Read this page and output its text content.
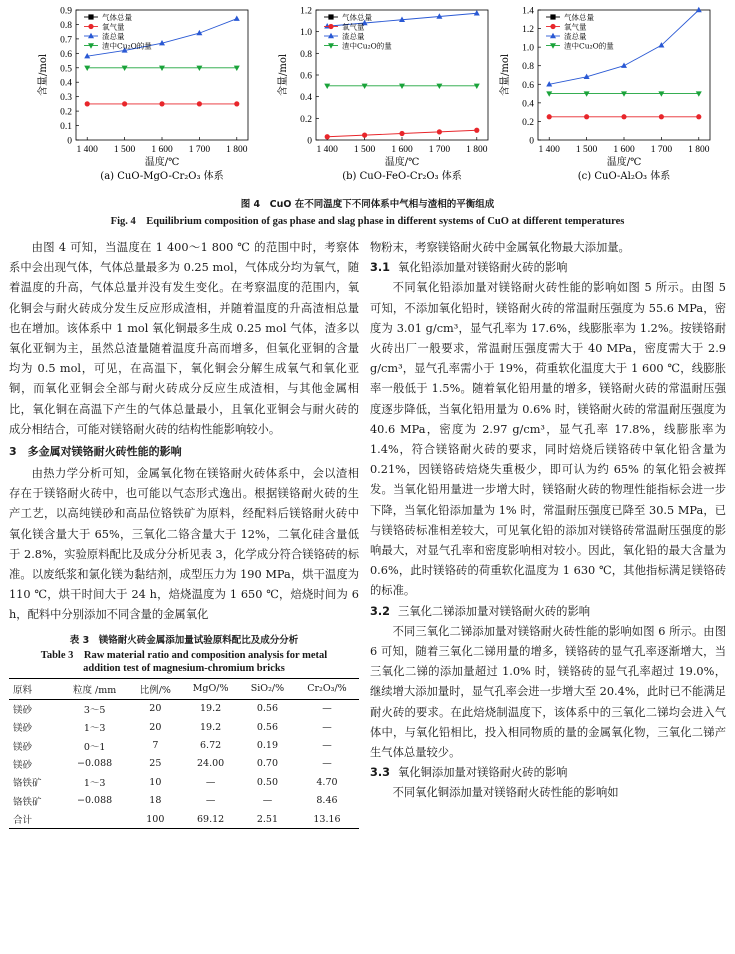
0
0.1
0.2
0.3
0.4
0.5
0.6
0.7
0.8
0.9
1 400 1 500 1 600 1 700 1 800
温度/℃
含量/mol
(a) CuO-MgO-Cr₂O₃ 体系
气体总量
氧气量
渣总量
渣中Cu₂O的量
0
0.2
0.4
0.6
0.8
1.0
1.2
1 400 1 500 1 600 1 700 1 800
温度/℃
含量/mol
(b) CuO-FeO-Cr₂O₃ 体系
气体总量
氧气量
渣总量
渣中Cu₂O的量
0
0.2
0.4
0.6
0.8
1.0
1.2
1.4
1 400 1 500 1 600 1 700 1 800
温度/℃
含量/mol
(c) CuO-Al₂O₃ 体系
气体总量
氧气量
渣总量
渣中Cu₂O的量
图 4　CuO 在不同温度下不同体系中气相与渣相的平衡组成
Fig. 4　Equilibrium composition of gas phase and slag phase in different systems of CuO at different temperatures

由图 4 可知，当温度在 1 400～1 800 ℃ 的范围中时，考察体系中会出现气体，气体总量最多为 0.25 mol，气体成分均为氧气，随着温度的升高，气体总量并没有发生变化。在考察温度的范围内，氧化铜会与耐火砖成分发生反应形成渣相，并随着温度的升高渣相总量也在增加。该体系中 1 mol 氧化铜最多生成 0.25 mol 气体，渣多以氧化亚铜为主，虽然总渣量随着温度升高而增多，但氧化亚铜的含量均为 0.5 mol，可见，在高温下，氧化铜会分解生成氧气和氧化亚铜，而氧化亚铜会全部与耐火砖成分反应生成渣相，与其他金属相比，氧化铜在高温下产生的气体总量最小，且氧化亚铜会与耐火砖的成分相结合，可能对镁铬耐火砖的结构性能影响较小。

3　多金属对镁铬耐火砖性能的影响

由热力学分析可知，金属氧化物在镁铬耐火砖体系中，会以渣相存在于镁铬耐火砖中，也可能以气态形式逸出。根据镁铬耐火砖的生产工艺，以高纯镁砂和高品位铬铁矿为原料，经配料后镁铬耐火砖中氧化镁含量大于 65%，三氧化二铬含量大于 12%，二氧化硅含量低于 2.8%，实验原料配比及成分分析见表 3，化学成分符合镁铬砖的标准。以废纸浆和氯化镁为黏结剂，成型压力为 190 MPa，烘干温度为 110 ℃，烘干时间大于 24 h，焙烧温度为 1 650 ℃，焙烧时间为 6 h，配料中分别添加不同含量的金属氧化

表 3　镁铬耐火砖金属添加量试验原料配比及成分分析
Table 3　Raw material ratio and composition analysis for metal
addition test of magnesium-chromium bricks
原料	粒度 /mm	比例/%	MgO/%	SiO₂/%	Cr₂O₃/%
镁砂	3～5	20	19.2	0.56	—
镁砂	1～3	20	19.2	0.56	—
镁砂	0～1	7	6.72	0.19	—
镁砂	−0.088	25	24.00	0.70	—
铬铁矿	1～3	10	—	0.50	4.70
铬铁矿	−0.088	18	—	—	8.46
合计		100	69.12	2.51	13.16

物粉末，考察镁铬耐火砖中金属氧化物最大添加量。

3.1 氧化铅添加量对镁铬耐火砖的影响

不同氧化铅添加量对镁铬耐火砖性能的影响如图 5 所示。由图 5 可知，不添加氧化铅时，镁铬耐火砖的常温耐压强度为 55.6 MPa，密度为 3.01 g/cm³，显气孔率为 17.6%，线膨胀率为 1.2%。按镁铬耐火砖出厂一般要求，常温耐压强度需大于 40 MPa，密度需大于 2.9 g/cm³，显气孔率需小于 19%，荷重软化温度大于 1 600 ℃，线膨胀率一般低于 1.5%。随着氧化铅用量的增多，镁铬耐火砖的常温耐压强度逐步降低，当氧化铅用量为 0.6% 时，镁铬耐火砖的常温耐压强度为 40.6 MPa，密度为 2.97 g/cm³，显气孔率 17.8%，线膨胀率为 1.4%，符合镁铬耐火砖的要求，同时焙烧后镁铬砖中氧化铅含量为 0.21%，因镁铬砖焙烧失重极少，即可认为约 65% 的氧化铅会被挥发。当氧化铅用量进一步增大时，镁铬耐火砖的物理性能指标会进一步下降，当氧化铅添加量为 1% 时，常温耐压强度已降至 30.5 MPa，已与镁铬砖标准相差较大，可见氧化铅的添加对镁铬砖常温耐压强度的影响最大，对显气孔率和密度影响相对较小。因此，氧化铅的最大含量为 0.6%，此时镁铬砖的荷重软化温度为 1 630 ℃，其他指标满足镁铬砖的标准。

3.2 三氧化二锑添加量对镁铬耐火砖的影响

不同三氧化二锑添加量对镁铬耐火砖性能的影响如图 6 所示。由图 6 可知，随着三氧化二锑用量的增多，镁铬砖的显气孔率逐渐增大，当三氧化二锑的添加量超过 1.0% 时，镁铬砖的显气孔率超过 19.0%，继续增大添加量时，显气孔率会进一步增大至 20.4%，此时已不能满足耐火砖的要求。在此焙烧制温度下，该体系中的三氧化二锑均会进入气体中，与氧化铅相比，投入相同物质的量的金属氧化物，三氧化二锑产生气体总量较少。

3.3 氧化铜添加量对镁铬耐火砖的影响

不同氧化铜添加量对镁铬耐火砖性能的影响如
